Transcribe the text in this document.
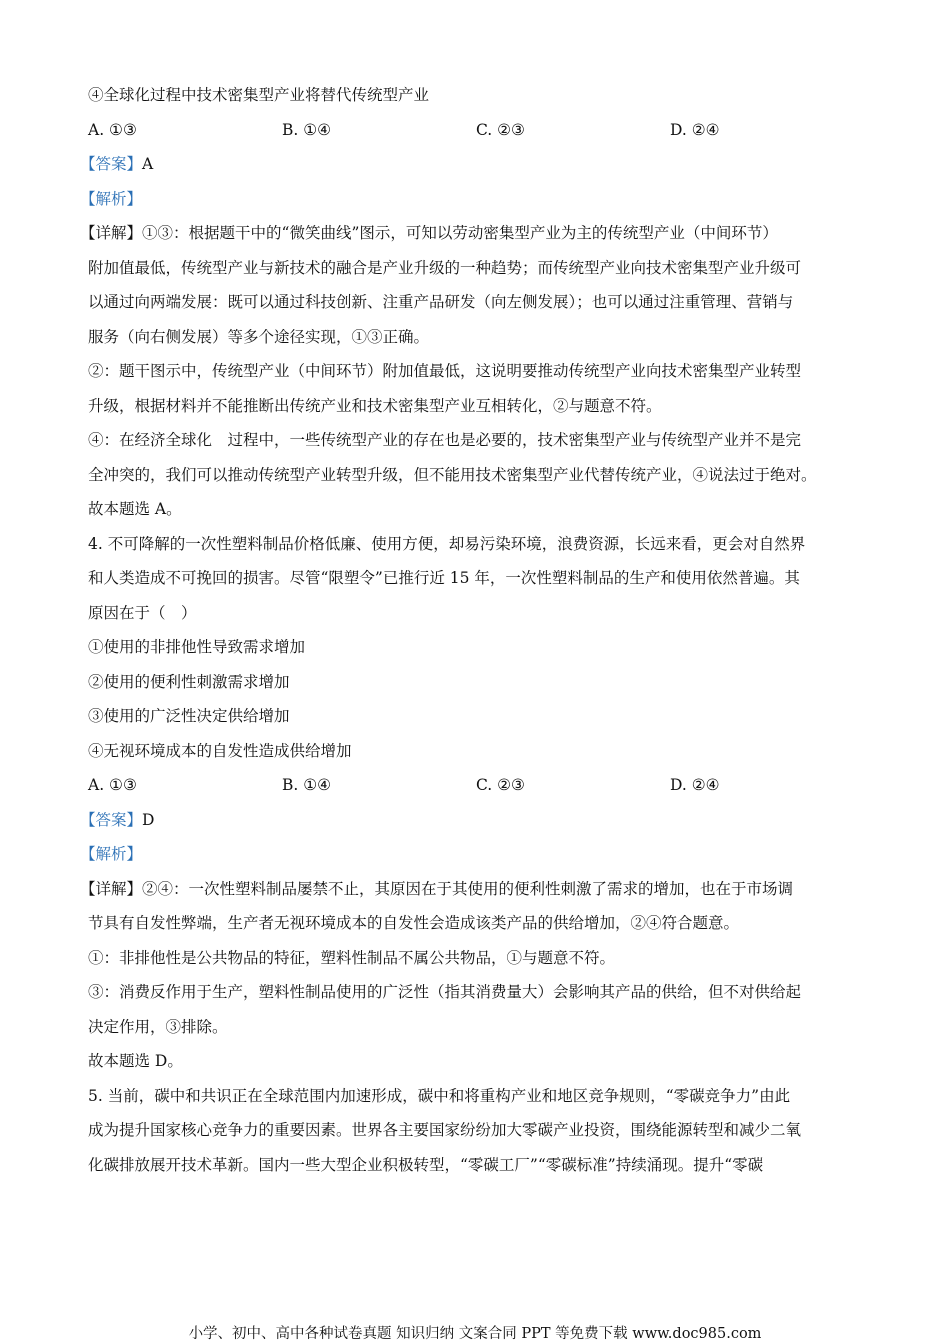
④全球化过程中技术密集型产业将替代传统型产业
A. ①③	B. ①④	C. ②③	D. ②④
【答案】A
【解析】
【详解】①③：根据题干中的“微笑曲线”图示，可知以劳动密集型产业为主的传统型产业（中间环节）
附加值最低，传统型产业与新技术的融合是产业升级的一种趋势；而传统型产业向技术密集型产业升级可
以通过向两端发展：既可以通过科技创新、注重产品研发（向左侧发展）；也可以通过注重管理、营销与
服务（向右侧发展）等多个途径实现，①③正确。
②：题干图示中，传统型产业（中间环节）附加值最低，这说明要推动传统型产业向技术密集型产业转型
升级，根据材料并不能推断出传统产业和技术密集型产业互相转化，②与题意不符。
④：在经济全球化　过程中，一些传统型产业的存在也是必要的，技术密集型产业与传统型产业并不是完
全冲突的，我们可以推动传统型产业转型升级，但不能用技术密集型产业代替传统产业，④说法过于绝对。
故本题选 A。
4. 不可降解的一次性塑料制品价格低廉、使用方便，却易污染环境，浪费资源，长远来看，更会对自然界
和人类造成不可挽回的损害。尽管“限塑令”已推行近 15 年，一次性塑料制品的生产和使用依然普遍。其
原因在于（　）
①使用的非排他性导致需求增加
②使用的便利性刺激需求增加
③使用的广泛性决定供给增加
④无视环境成本的自发性造成供给增加
A. ①③	B. ①④	C. ②③	D. ②④
【答案】D
【解析】
【详解】②④：一次性塑料制品屡禁不止，其原因在于其使用的便利性刺激了需求的增加，也在于市场调
节具有自发性弊端，生产者无视环境成本的自发性会造成该类产品的供给增加，②④符合题意。
①：非排他性是公共物品的特征，塑料性制品不属公共物品，①与题意不符。
③：消费反作用于生产，塑料性制品使用的广泛性（指其消费量大）会影响其产品的供给，但不对供给起
决定作用，③排除。
故本题选 D。
5. 当前，碳中和共识正在全球范围内加速形成，碳中和将重构产业和地区竞争规则，“零碳竞争力”由此
成为提升国家核心竞争力的重要因素。世界各主要国家纷纷加大零碳产业投资，围绕能源转型和减少二氧
化碳排放展开技术革新。国内一些大型企业积极转型，“零碳工厂”“零碳标准”持续涌现。提升“零碳
小学、初中、高中各种试卷真题 知识归纳 文案合同 PPT 等免费下载 www.doc985.com
